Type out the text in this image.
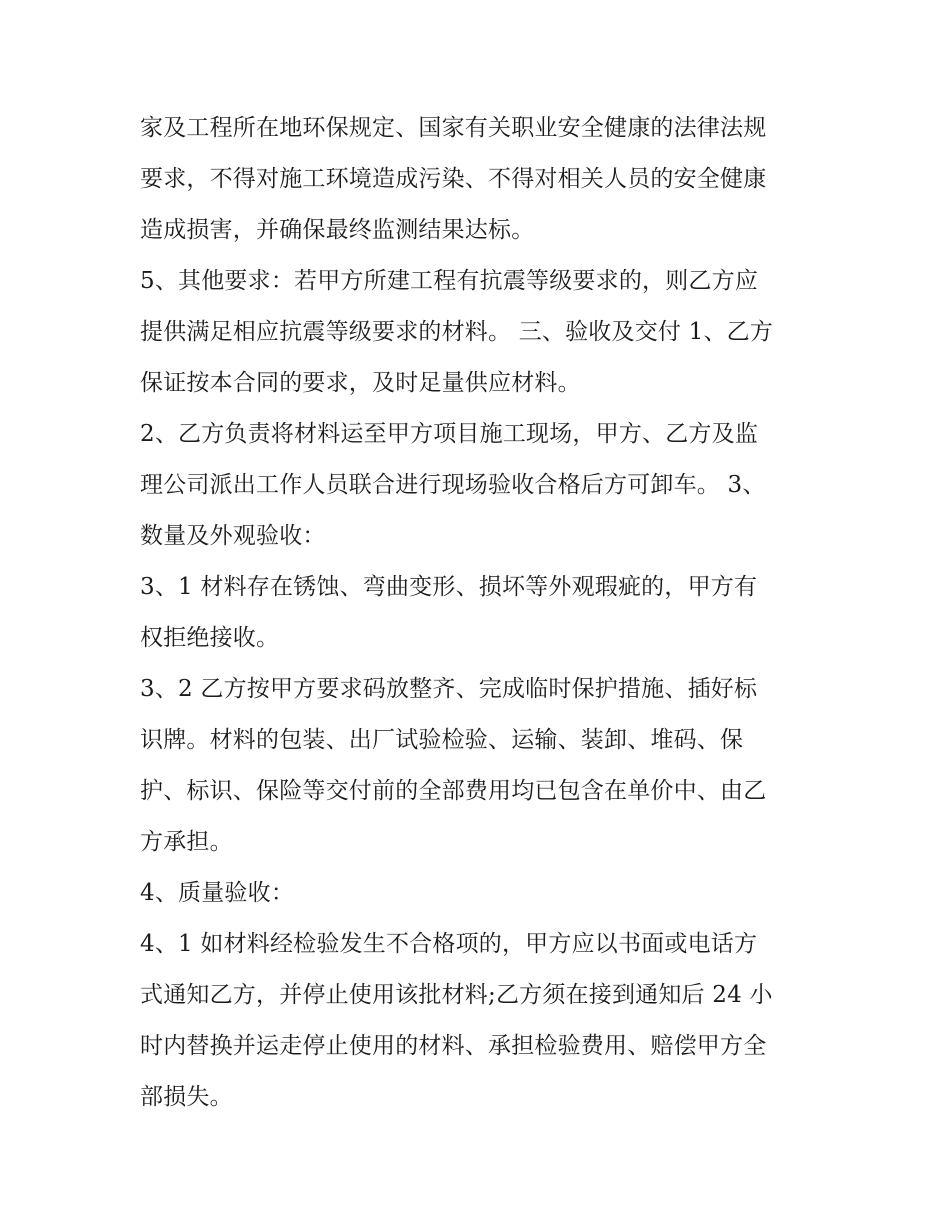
家及工程所在地环保规定、国家有关职业安全健康的法律法规
要求，不得对施工环境造成污染、不得对相关人员的安全健康
造成损害，并确保最终监测结果达标。
5、其他要求：若甲方所建工程有抗震等级要求的，则乙方应
提供满足相应抗震等级要求的材料。 三、验收及交付 1、乙方
保证按本合同的要求，及时足量供应材料。
2、乙方负责将材料运至甲方项目施工现场，甲方、乙方及监
理公司派出工作人员联合进行现场验收合格后方可卸车。 3、
数量及外观验收：
3、1 材料存在锈蚀、弯曲变形、损坏等外观瑕疵的，甲方有
权拒绝接收。
3、2 乙方按甲方要求码放整齐、完成临时保护措施、插好标
识牌。材料的包装、出厂试验检验、运输、装卸、堆码、保
护、标识、保险等交付前的全部费用均已包含在单价中、由乙
方承担。
4、质量验收：
4、1 如材料经检验发生不合格项的，甲方应以书面或电话方
式通知乙方，并停止使用该批材料;乙方须在接到通知后 24 小
时内替换并运走停止使用的材料、承担检验费用、赔偿甲方全
部损失。
